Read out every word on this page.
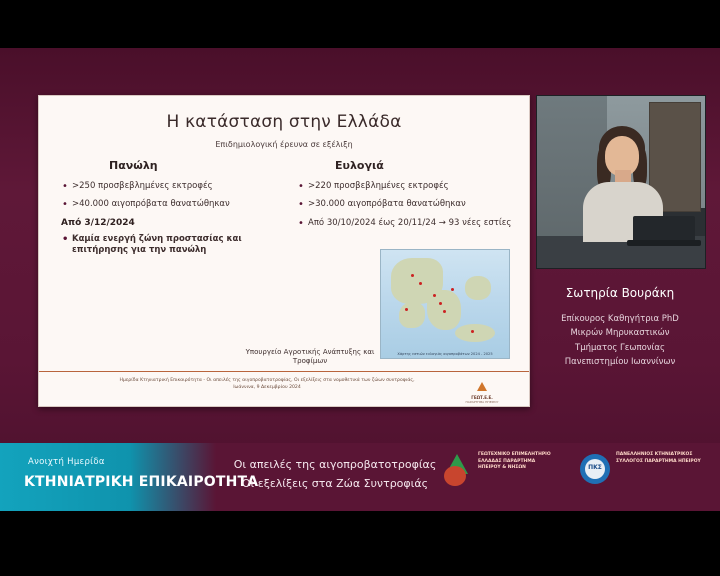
Η κατάσταση στην Ελλάδα
Επιδημιολογική έρευνα σε εξέλιξη
Πανώλη
• >250 προσβεβλημένες εκτροφές
• >40.000 αιγοπρόβατα θανατώθηκαν
Από 3/12/2024
• Καμία ενεργή ζώνη προστασίας και επιτήρησης για την πανώλη
Ευλογιά
• >220 προσβεβλημένες εκτροφές
• >30.000 αιγοπρόβατα θανατώθηκαν
• Από 30/10/2024 έως 20/11/24 → 93 νέες εστίες
Χάρτης εστιών ευλογιάς αιγοπροβάτων 2024 - 2025
Υπουργείο Αγροτικής Ανάπτυξης και Τροφίμων
Ημερίδα Κτηνιατρική Επικαιρότητα - Οι απειλές της αιγοπροβατοτροφίας, Οι εξελίξεις στα νομοθετικά των ζώων συντροφιάς, Ιωάννινα, 9 Δεκεμβρίου 2024
ΓΕΩΤ.Ε.Ε.
ΠΑΡΑΡΤΗΜΑ ΗΠΕΙΡΟΥ
Σωτηρία Βουράκη
Επίκουρος Καθηγήτρια PhD
Μικρών Μηρυκαστικών
Τμήματος Γεωπονίας
Πανεπιστημίου Ιωαννίνων
Ανοιχτή Ημερίδα
ΚΤΗΝΙΑΤΡΙΚΗ ΕΠΙΚΑΙΡΟΤΗΤΑ
Οι απειλές της αιγοπροβατοτροφίας
Οι εξελίξεις στα Ζώα Συντροφιάς
ΓΕΩΤΕΧΝΙΚΟ ΕΠΙΜΕΛΗΤΗΡΙΟ ΕΛΛΑΔΑΣ ΠΑΡΑΡΤΗΜΑ ΗΠΕΙΡΟΥ & ΝΗΣΩΝ	ΠΚΣ
ΠΑΝΕΛΛΗΝΙΟΣ ΚΤΗΝΙΑΤΡΙΚΟΣ ΣΥΛΛΟΓΟΣ ΠΑΡΑΡΤΗΜΑ ΗΠΕΙΡΟΥ
